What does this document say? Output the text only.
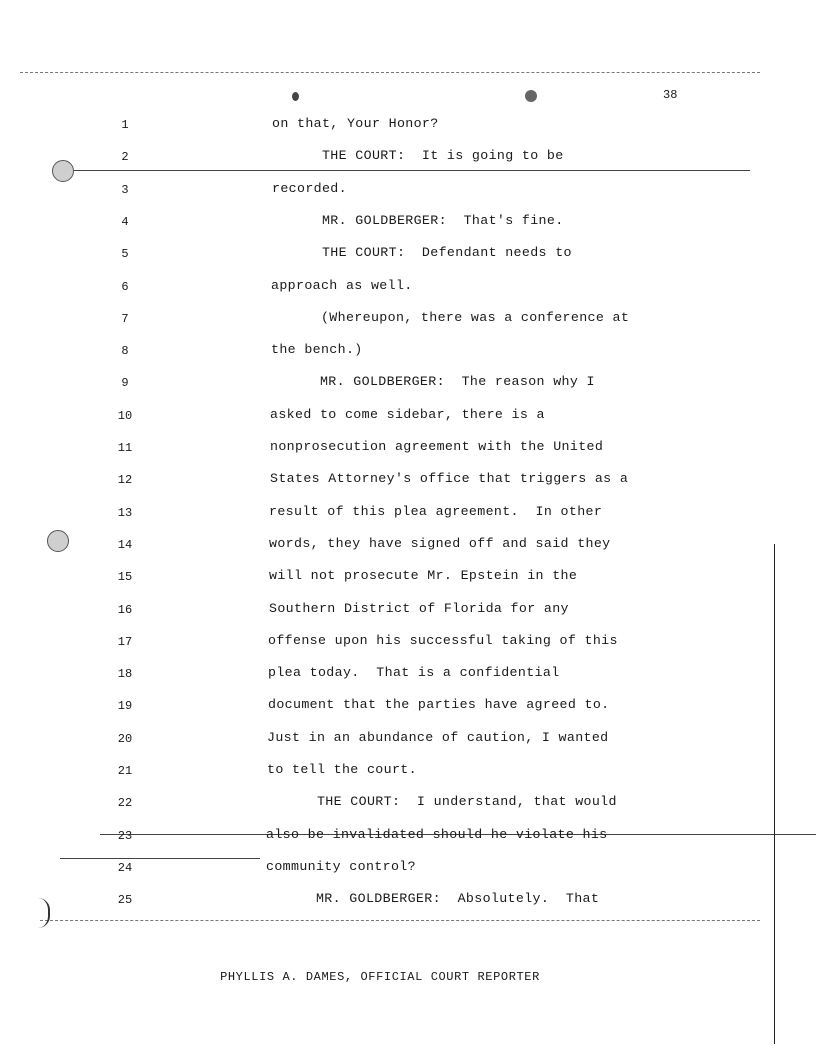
38
1	on that, Your Honor?
2	THE COURT:  It is going to be
3	recorded.
4	MR. GOLDBERGER:  That's fine.
5	THE COURT:  Defendant needs to
6	approach as well.
7	(Whereupon, there was a conference at
8	the bench.)
9	MR. GOLDBERGER:  The reason why I
10	asked to come sidebar, there is a
11	nonprosecution agreement with the United
12	States Attorney's office that triggers as a
13	result of this plea agreement.  In other
14	words, they have signed off and said they
15	will not prosecute Mr. Epstein in the
16	Southern District of Florida for any
17	offense upon his successful taking of this
18	plea today.  That is a confidential
19	document that the parties have agreed to.
20	Just in an abundance of caution, I wanted
21	to tell the court.
22	THE COURT:  I understand, that would
23	also be invalidated should he violate his
24	community control?
25	MR. GOLDBERGER:  Absolutely.  That
PHYLLIS A. DAMES, OFFICIAL COURT REPORTER
